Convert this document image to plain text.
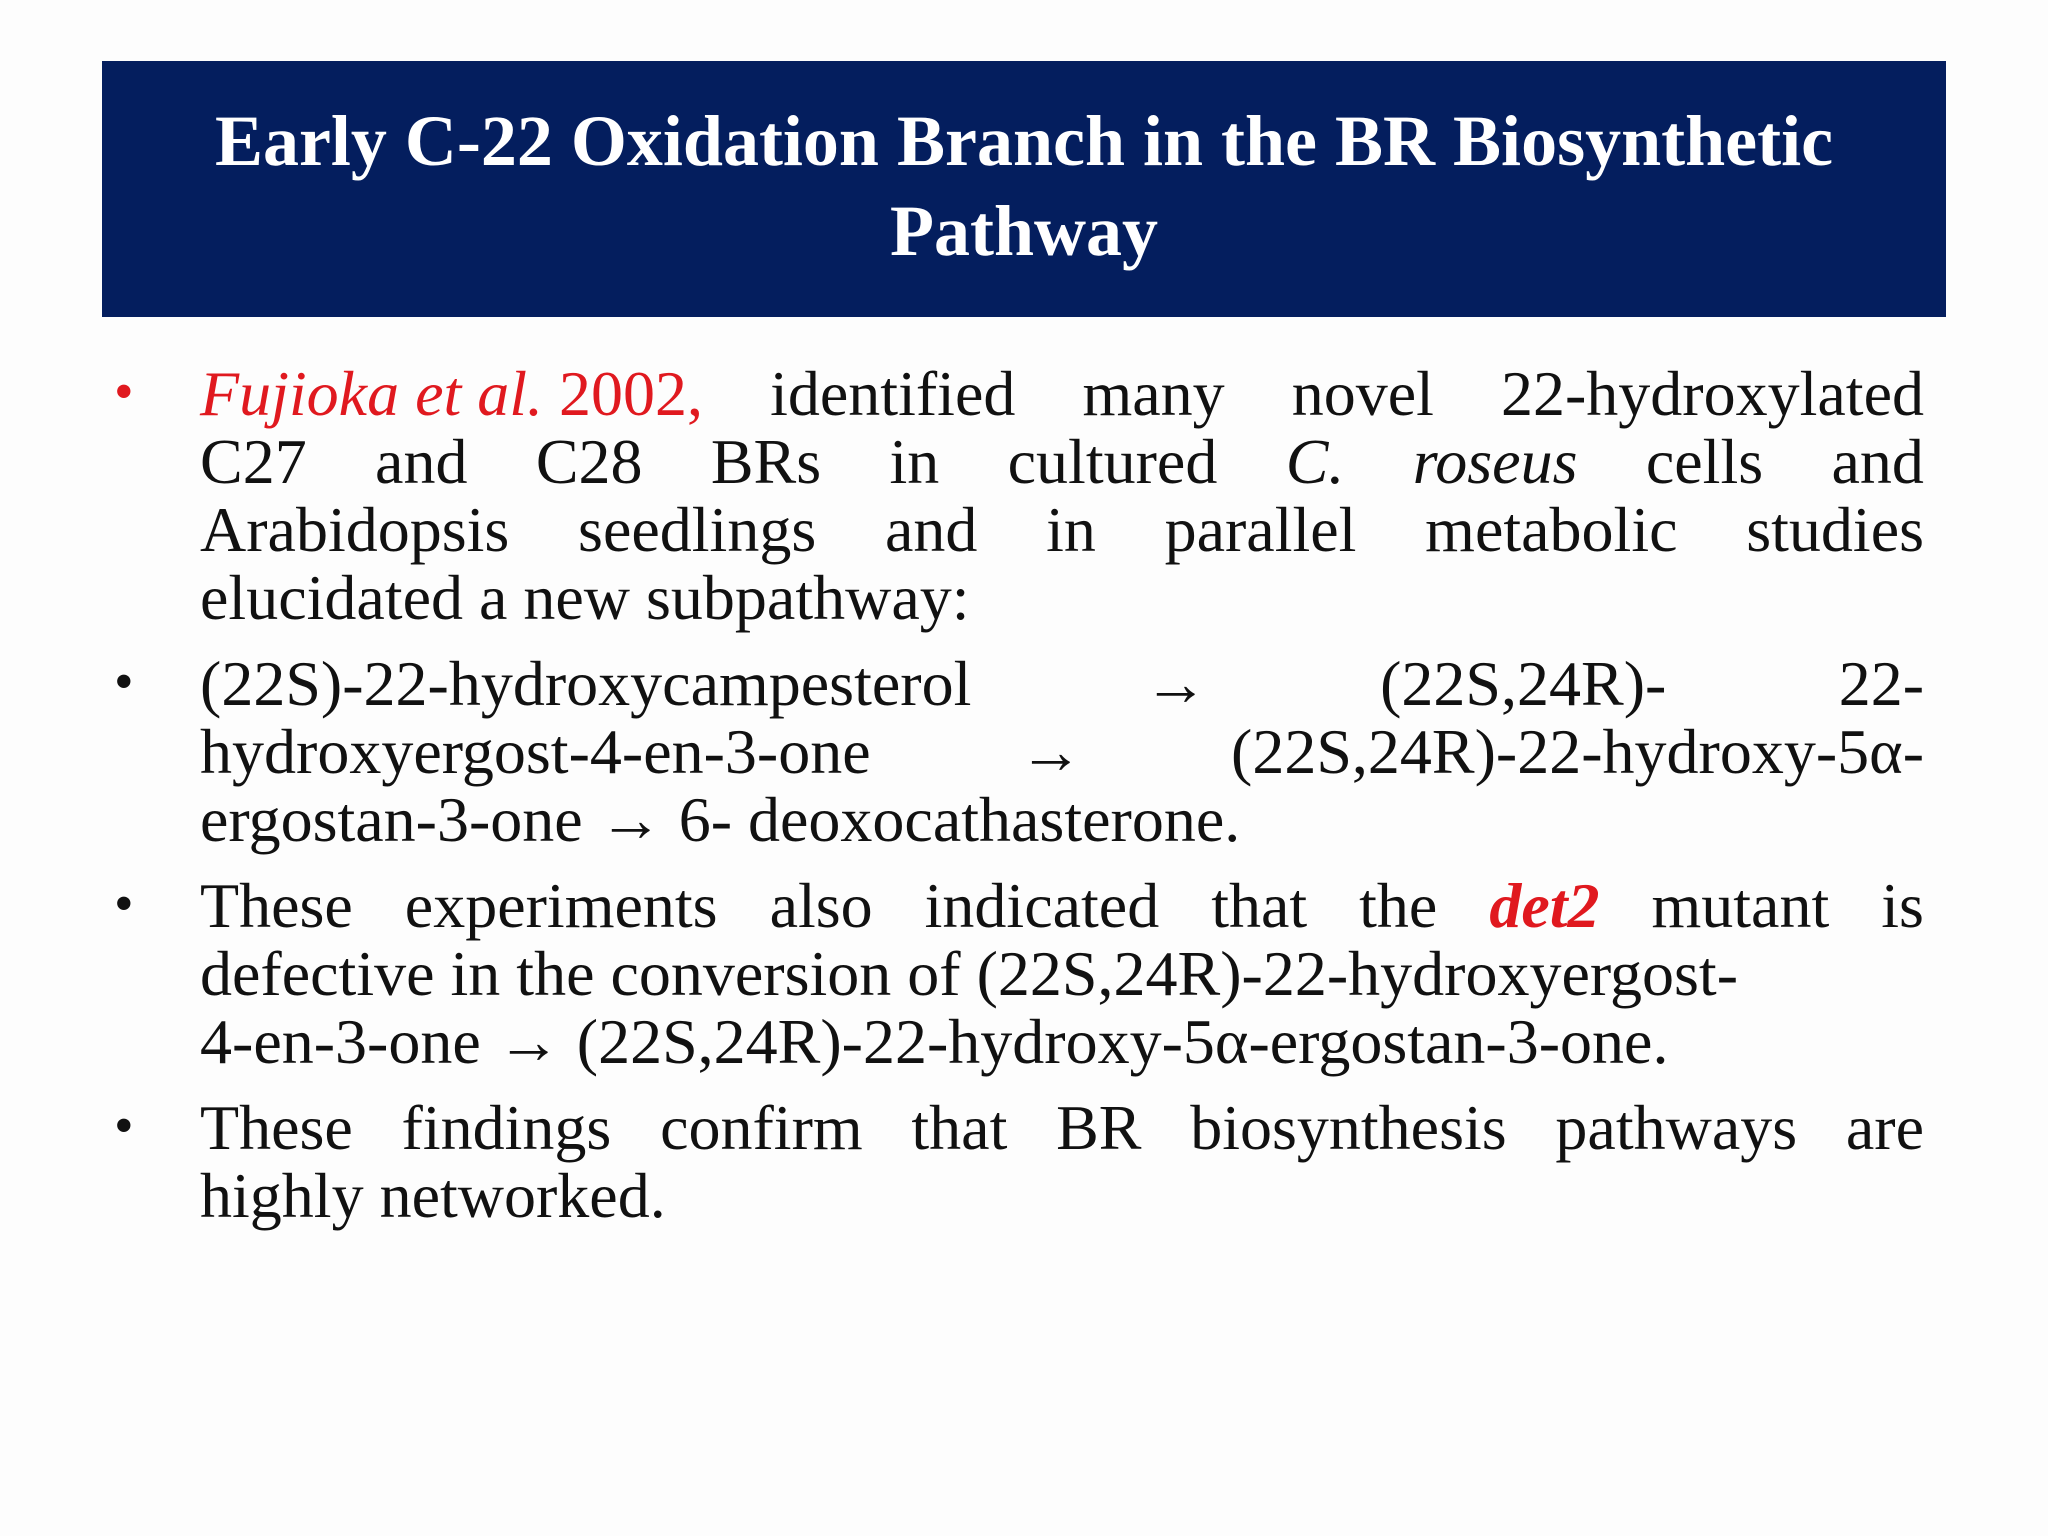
Early C-22 Oxidation Branch in the BR Biosynthetic
Pathway
•	Fujioka et al. 2002, identified many novel 22-hydroxylated
C27 and C28 BRs in cultured C. roseus cells and
Arabidopsis seedlings and in parallel metabolic studies
elucidated a new subpathway:
•	(22S)-22-hydroxycampesterol	→	(22S,24R)-	22-
hydroxyergost-4-en-3-one → (22S,24R)-22-hydroxy-5α-
ergostan-3-one → 6- deoxocathasterone.
•	These experiments also indicated that the det2 mutant is
defective in the conversion of (22S,24R)-22-hydroxyergost-
4-en-3-one → (22S,24R)-22-hydroxy-5α-ergostan-3-one.
•	These findings confirm that BR biosynthesis pathways are
highly networked.
